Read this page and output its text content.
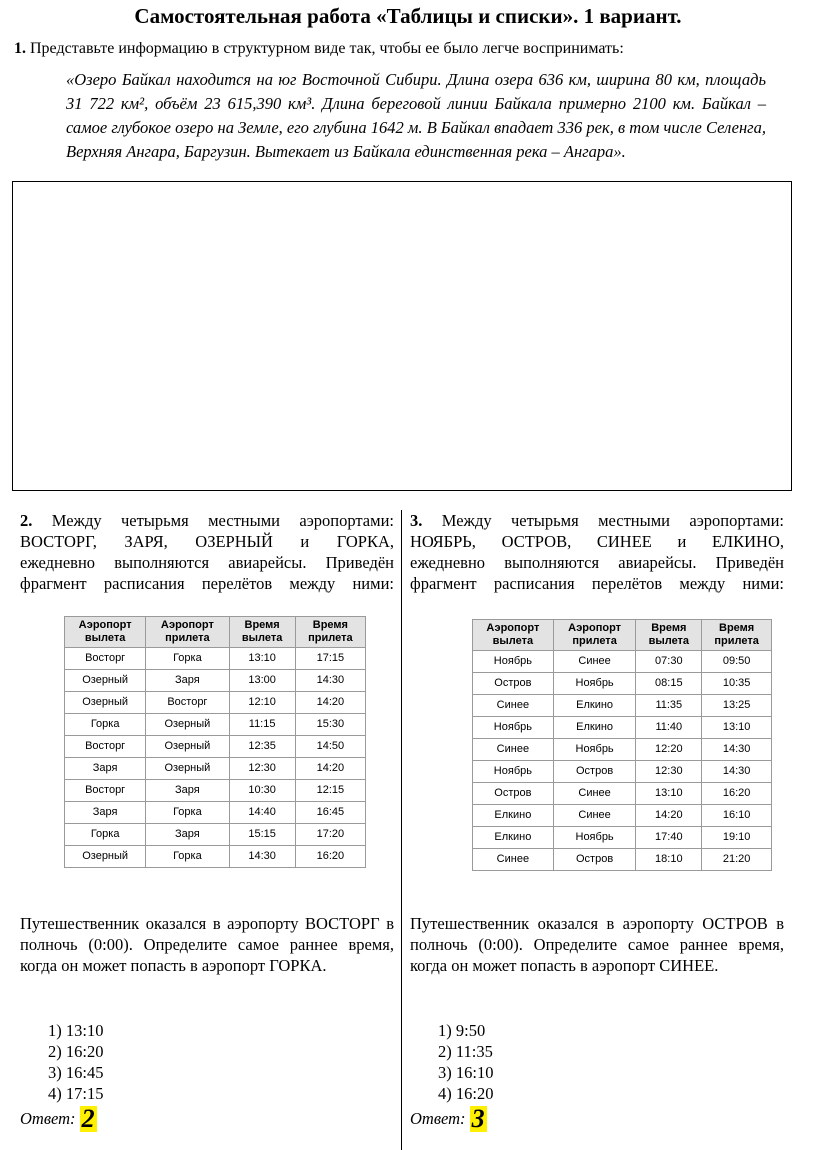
Самостоятельная работа «Таблицы и списки». 1 вариант.
1. Представьте информацию в структурном виде так, чтобы ее было легче воспринимать:
«Озеро Байкал находится на юг Восточной Сибири. Длина озера 636 км, ширина 80 км, площадь 31 722 км², объём 23 615,390 км³. Длина береговой линии Байкала примерно 2100 км. Байкал – самое глубокое озеро на Земле, его глубина 1642 м. В Байкал впадает 336 рек, в том числе Селенга, Верхняя Ангара, Баргузин. Вытекает из Байкала единственная река – Ангара».
2. Между четырьмя местными аэропортами:
ВОСТОРГ, ЗАРЯ, ОЗЕРНЫЙ и ГОРКА,
ежедневно выполняются авиарейсы. Приведён
фрагмент расписания перелётов между ними:
Аэропорт вылета	Аэропорт прилета	Время вылета	Время прилета
Восторг	Горка	13:10	17:15
Озерный	Заря	13:00	14:30
Озерный	Восторг	12:10	14:20
Горка	Озерный	11:15	15:30
Восторг	Озерный	12:35	14:50
Заря	Озерный	12:30	14:20
Восторг	Заря	10:30	12:15
Заря	Горка	14:40	16:45
Горка	Заря	15:15	17:20
Озерный	Горка	14:30	16:20
Путешественник оказался в аэропорту ВОСТОРГ в полночь (0:00). Определите самое раннее время, когда он может попасть в аэропорт ГОРКА.
1) 13:10
2) 16:20
3) 16:45
4) 17:15
Ответ: 2
3. Между четырьмя местными аэропортами:
НОЯБРЬ, ОСТРОВ, СИНЕЕ и ЕЛКИНО,
ежедневно выполняются авиарейсы. Приведён
фрагмент расписания перелётов между ними:
Аэропорт вылета	Аэропорт прилета	Время вылета	Время прилета
Ноябрь	Синее	07:30	09:50
Остров	Ноябрь	08:15	10:35
Синее	Елкино	11:35	13:25
Ноябрь	Елкино	11:40	13:10
Синее	Ноябрь	12:20	14:30
Ноябрь	Остров	12:30	14:30
Остров	Синее	13:10	16:20
Елкино	Синее	14:20	16:10
Елкино	Ноябрь	17:40	19:10
Синее	Остров	18:10	21:20
Путешественник оказался в аэропорту ОСТРОВ в полночь (0:00). Определите самое раннее время, когда он может попасть в аэропорт СИНЕЕ.
1) 9:50
2) 11:35
3) 16:10
4) 16:20
Ответ: 3
